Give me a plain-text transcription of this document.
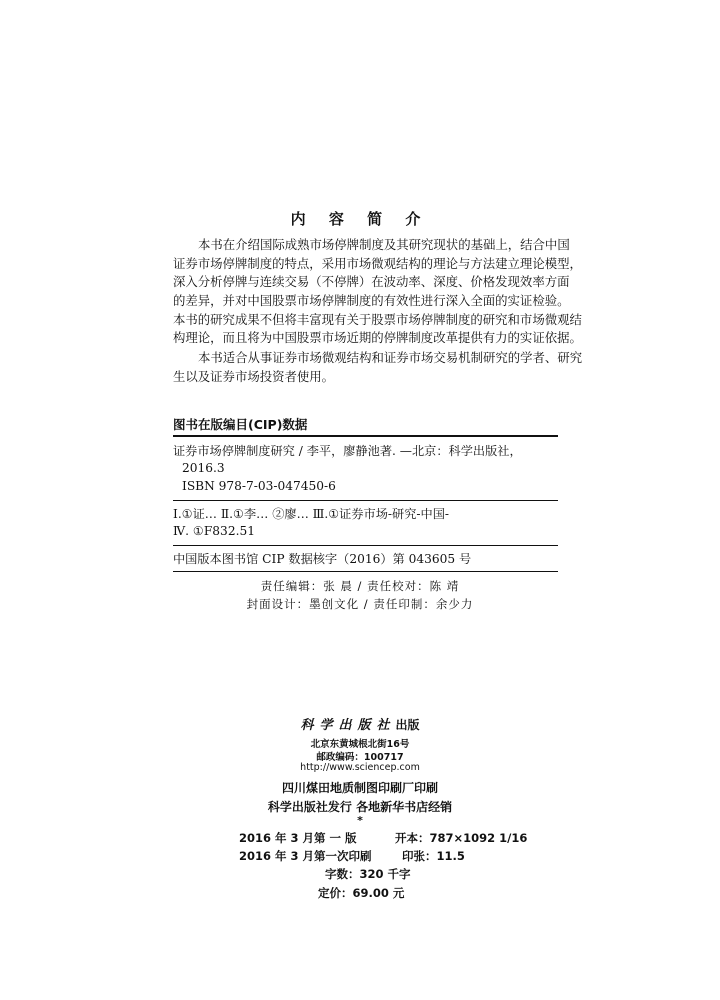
内 容 简 介
本书在介绍国际成熟市场停牌制度及其研究现状的基础上，结合中国
证券市场停牌制度的特点，采用市场微观结构的理论与方法建立理论模型，
深入分析停牌与连续交易（不停牌）在波动率、深度、价格发现效率方面
的差异，并对中国股票市场停牌制度的有效性进行深入全面的实证检验。
本书的研究成果不但将丰富现有关于股票市场停牌制度的研究和市场微观结
构理论，而且将为中国股票市场近期的停牌制度改革提供有力的实证依据。
本书适合从事证券市场微观结构和证券市场交易机制研究的学者、研究
生以及证券市场投资者使用。
图书在版编目(CIP)数据
证券市场停牌制度研究 / 李平，廖静池著. —北京：科学出版社，
2016.3
ISBN 978-7-03-047450-6
Ⅰ.①证… Ⅱ.①李… ②廖… Ⅲ.①证券市场-研究-中国-
Ⅳ. ①F832.51
中国版本图书馆 CIP 数据核字（2016）第 043605 号
责任编辑：张 晨 / 责任校对：陈 靖
封面设计：墨创文化 / 责任印制：余少力
科学出版社出版
北京东黄城根北街16号
邮政编码：100717
http://www.sciencep.com
四川煤田地质制图印刷厂印刷
科学出版社发行 各地新华书店经销
*
2016 年 3 月第 一 版	开本：787×1092 1/16
2016 年 3 月第一次印刷	印张：11.5
字数：320 千字
定价：69.00 元
